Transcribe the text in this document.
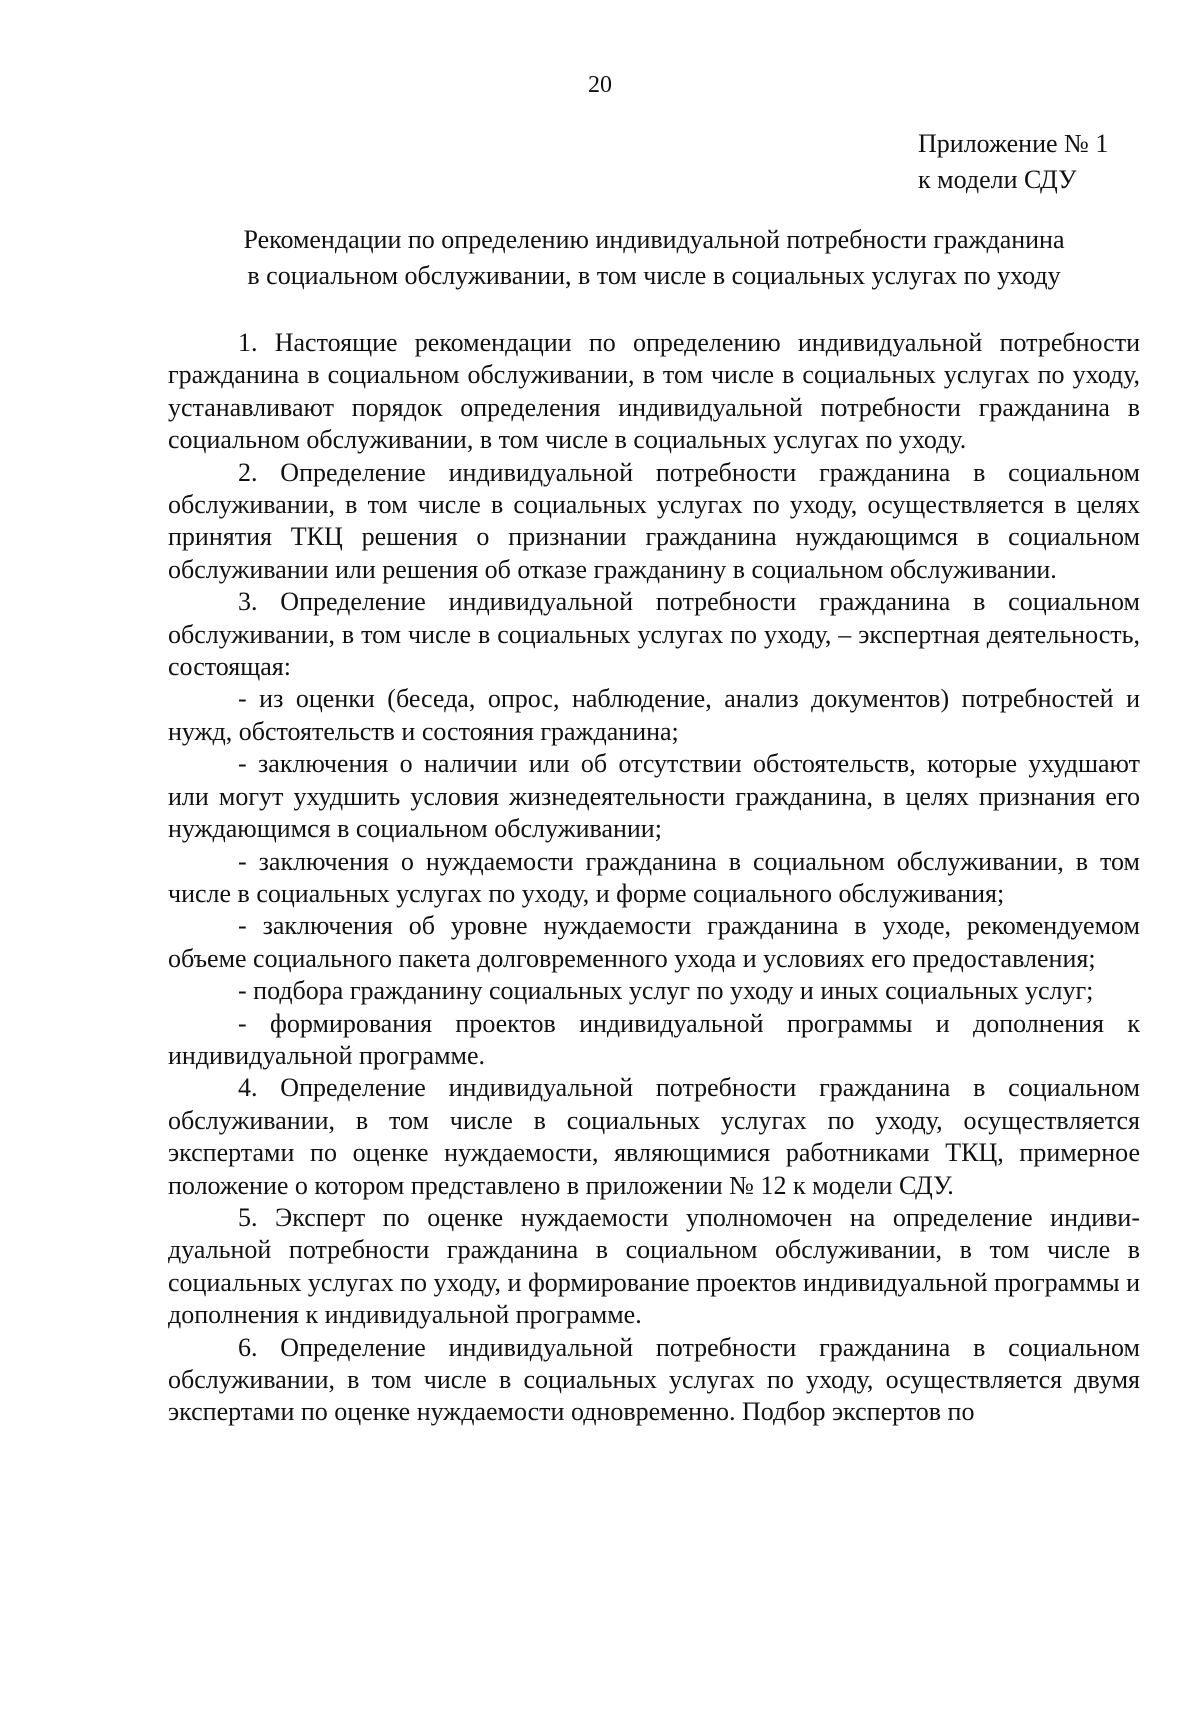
20
Приложение № 1
к модели СДУ
Рекомендации по определению индивидуальной потребности гражданина
в социальном обслуживании, в том числе в социальных услугах по уходу

1. Настоящие рекомендации по определению индивидуальной потребности гражданина в социальном обслуживании, в том числе в социальных услугах по уходу, устанавливают порядок определения индивидуальной потребности гражданина в социальном обслуживании, в том числе в социальных услугах по уходу.

2. Определение индивидуальной потребности гражданина в социальном обслуживании, в том числе в социальных услугах по уходу, осуществляется в целях принятия ТКЦ решения о признании гражданина нуждающимся в социальном обслуживании или решения об отказе гражданину в социальном обслуживании.

3. Определение индивидуальной потребности гражданина в социальном обслуживании, в том числе в социальных услугах по уходу, – экспертная деятельность, состоящая:

- из оценки (беседа, опрос, наблюдение, анализ документов) потребностей и нужд, обстоятельств и состояния гражданина;

- заключения о наличии или об отсутствии обстоятельств, которые ухудшают или могут ухудшить условия жизнедеятельности гражданина, в целях признания его нуждающимся в социальном обслуживании;

- заключения о нуждаемости гражданина в социальном обслуживании, в том числе в социальных услугах по уходу, и форме социального обслуживания;

- заключения об уровне нуждаемости гражданина в уходе, рекомендуемом объеме социального пакета долговременного ухода и условиях его предоставления;

- подбора гражданину социальных услуг по уходу и иных социальных услуг;

- формирования проектов индивидуальной программы и дополнения к индивидуальной программе.

4. Определение индивидуальной потребности гражданина в социальном обслуживании, в том числе в социальных услугах по уходу, осуществляется экспертами по оценке нуждаемости, являющимися работниками ТКЦ, примерное положение о котором представлено в приложении № 12 к модели СДУ.

5. Эксперт по оценке нуждаемости уполномочен на определение индивидуальной потребности гражданина в социальном обслуживании, в том числе в социальных услугах по уходу, и формирование проектов индивидуальной программы и дополнения к индивидуальной программе.

6. Определение индивидуальной потребности гражданина в социальном обслуживании, в том числе в социальных услугах по уходу, осуществляется двумя экспертами по оценке нуждаемости одновременно. Подбор экспертов по
